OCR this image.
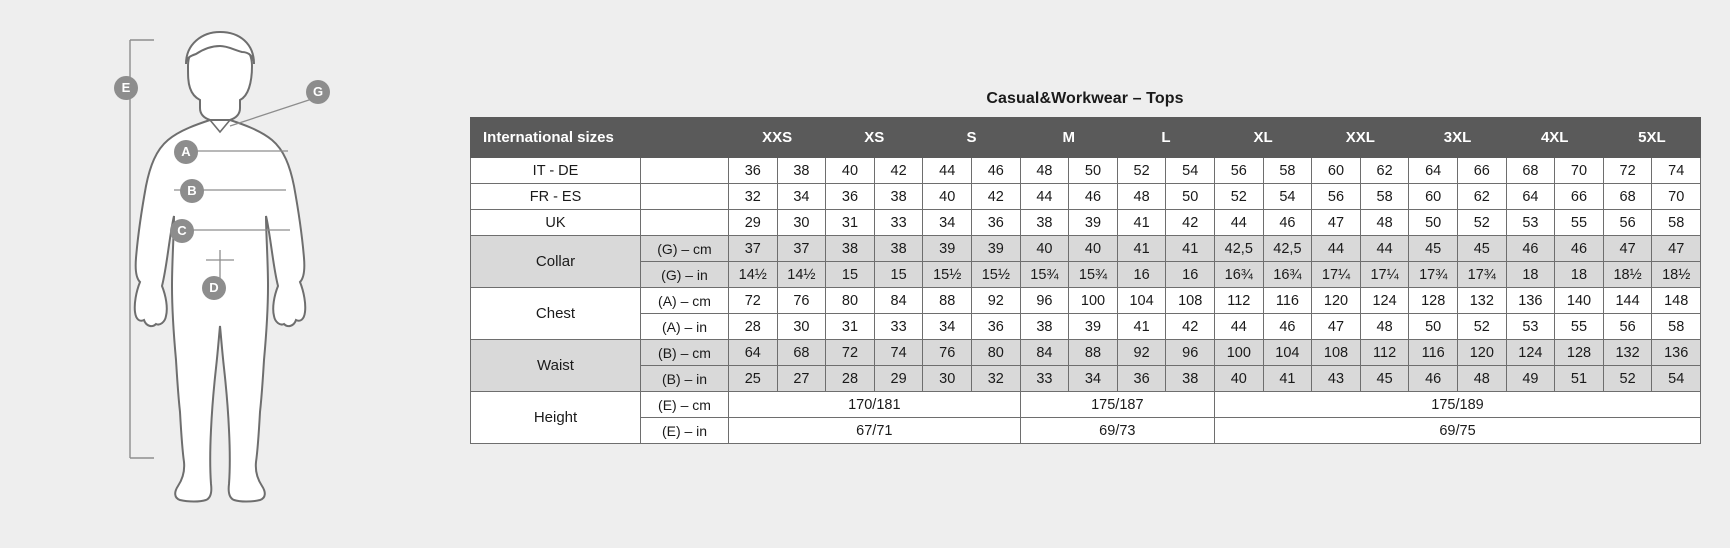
E	G
A
B
C
D
Casual&Workwear – Tops
International sizes		XXS		XS		S		M		L		XL		XXL		3XL		4XL		5XL	
IT - DE		36	38	40	42	44	46	48	50	52	54	56	58	60	62	64	66	68	70	72	74
FR - ES		32	34	36	38	40	42	44	46	48	50	52	54	56	58	60	62	64	66	68	70
UK		29	30	31	33	34	36	38	39	41	42	44	46	47	48	50	52	53	55	56	58
Collar	(G) – cm	37	37	38	38	39	39	40	40	41	41	42,5	42,5	44	44	45	45	46	46	47	47
	(G) – in	14½	14½	15	15	15½	15½	15¾	15¾	16	16	16¾	16¾	17¼	17¼	17¾	17¾	18	18	18½	18½
Chest	(A) – cm	72	76	80	84	88	92	96	100	104	108	112	116	120	124	128	132	136	140	144	148
	(A) – in	28	30	31	33	34	36	38	39	41	42	44	46	47	48	50	52	53	55	56	58
Waist	(B) – cm	64	68	72	74	76	80	84	88	92	96	100	104	108	112	116	120	124	128	132	136
	(B) – in	25	27	28	29	30	32	33	34	36	38	40	41	43	45	46	48	49	51	52	54
Height	(E) – cm	170/181						175/187				175/189									
	(E) – in	67/71						69/73				69/75									
